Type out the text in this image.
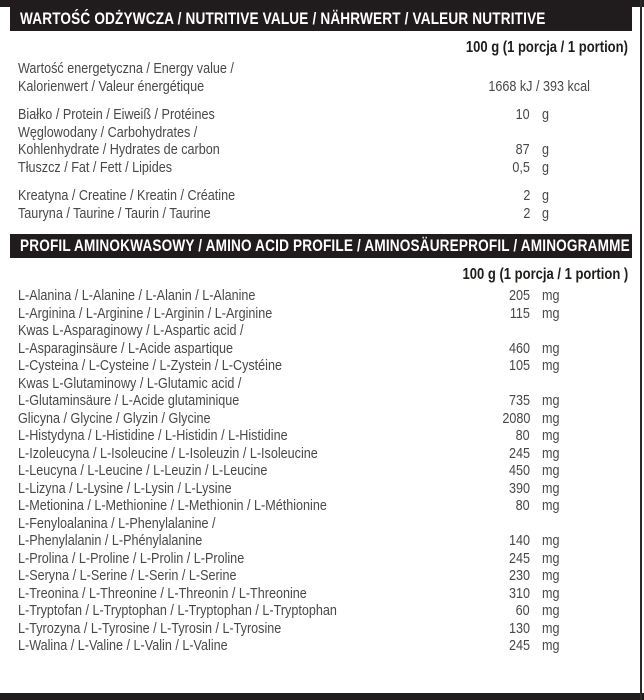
WARTOŚĆ ODŻYWCZA / NUTRITIVE VALUE / NÄHRWERT / VALEUR NUTRITIVE
100 g (1 porcja / 1 portion)
Wartość energetyczna / Energy value /
Kalorienwert / Valeur énergétique	1668 kJ / 393 kcal
Białko / Protein / Eiweiß / Protéines	10 g
Węglowodany / Carbohydrates /
Kohlenhydrate / Hydrates de carbon	87 g
Tłuszcz / Fat / Fett / Lipides	0,5 g
Kreatyna / Creatine / Kreatin / Créatine	2 g
Tauryna / Taurine / Taurin / Taurine	2 g
PROFIL AMINOKWASOWY / AMINO ACID PROFILE / AMINOSÄUREPROFIL / AMINOGRAMME
100 g (1 porcja / 1 portion )
L-Alanina / L-Alanine / L-Alanin / L-Alanine	205 mg
L-Arginina / L-Arginine / L-Arginin / L-Arginine	115 mg
Kwas L-Asparaginowy / L-Aspartic acid /
L-Asparaginsäure / L-Acide aspartique	460 mg
L-Cysteina / L-Cysteine / L-Zystein / L-Cystéine	105 mg
Kwas L-Glutaminowy / L-Glutamic acid /
L-Glutaminsäure / L-Acide glutaminique	735 mg
Glicyna / Glycine / Glyzin / Glycine	2080 mg
L-Histydyna / L-Histidine / L-Histidin / L-Histidine	80 mg
L-Izoleucyna / L-Isoleucine / L-Isoleuzin / L-Isoleucine	245 mg
L-Leucyna / L-Leucine / L-Leuzin / L-Leucine	450 mg
L-Lizyna / L-Lysine / L-Lysin / L-Lysine	390 mg
L-Metionina / L-Methionine / L-Methionin / L-Méthionine	80 mg
L-Fenyloalanina / L-Phenylalanine /
L-Phenylalanin / L-Phénylalanine	140 mg
L-Prolina / L-Proline / L-Prolin / L-Proline	245 mg
L-Seryna / L-Serine / L-Serin / L-Serine	230 mg
L-Treonina / L-Threonine / L-Threonin / L-Threonine	310 mg
L-Tryptofan / L-Tryptophan / L-Tryptophan / L-Tryptophan	60 mg
L-Tyrozyna / L-Tyrosine / L-Tyrosin / L-Tyrosine	130 mg
L-Walina / L-Valine / L-Valin / L-Valine	245 mg
